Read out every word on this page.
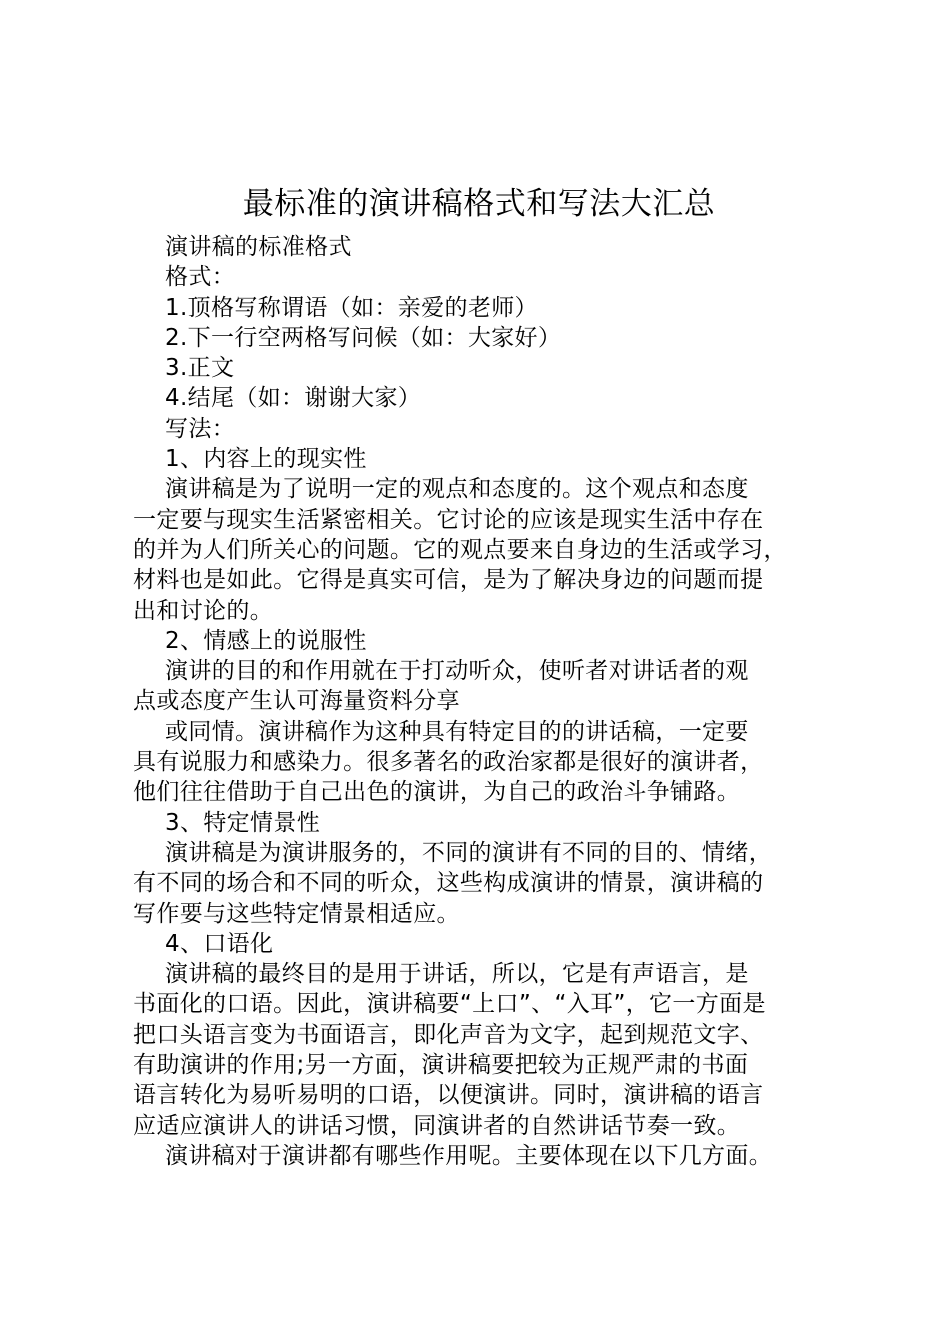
最标准的演讲稿格式和写法大汇总
演讲稿的标准格式
格式：
1.顶格写称谓语（如：亲爱的老师）
2.下一行空两格写问候（如：大家好）
3.正文
4.结尾（如：谢谢大家）
写法：
1、内容上的现实性
演讲稿是为了说明一定的观点和态度的。这个观点和态度
一定要与现实生活紧密相关。它讨论的应该是现实生活中存在
的并为人们所关心的问题。它的观点要来自身边的生活或学习，
材料也是如此。它得是真实可信，是为了解决身边的问题而提
出和讨论的。
2、情感上的说服性
演讲的目的和作用就在于打动听众，使听者对讲话者的观
点或态度产生认可海量资料分享
或同情。演讲稿作为这种具有特定目的的讲话稿，一定要
具有说服力和感染力。很多著名的政治家都是很好的演讲者，
他们往往借助于自己出色的演讲，为自己的政治斗争铺路。
3、特定情景性
演讲稿是为演讲服务的，不同的演讲有不同的目的、情绪，
有不同的场合和不同的听众，这些构成演讲的情景，演讲稿的
写作要与这些特定情景相适应。
4、口语化
演讲稿的最终目的是用于讲话，所以，它是有声语言，是
书面化的口语。因此，演讲稿要“上口”、“入耳”，它一方面是
把口头语言变为书面语言，即化声音为文字，起到规范文字、
有助演讲的作用;另一方面，演讲稿要把较为正规严肃的书面
语言转化为易听易明的口语，以便演讲。同时，演讲稿的语言
应适应演讲人的讲话习惯，同演讲者的自然讲话节奏一致。
演讲稿对于演讲都有哪些作用呢。主要体现在以下几方面。
